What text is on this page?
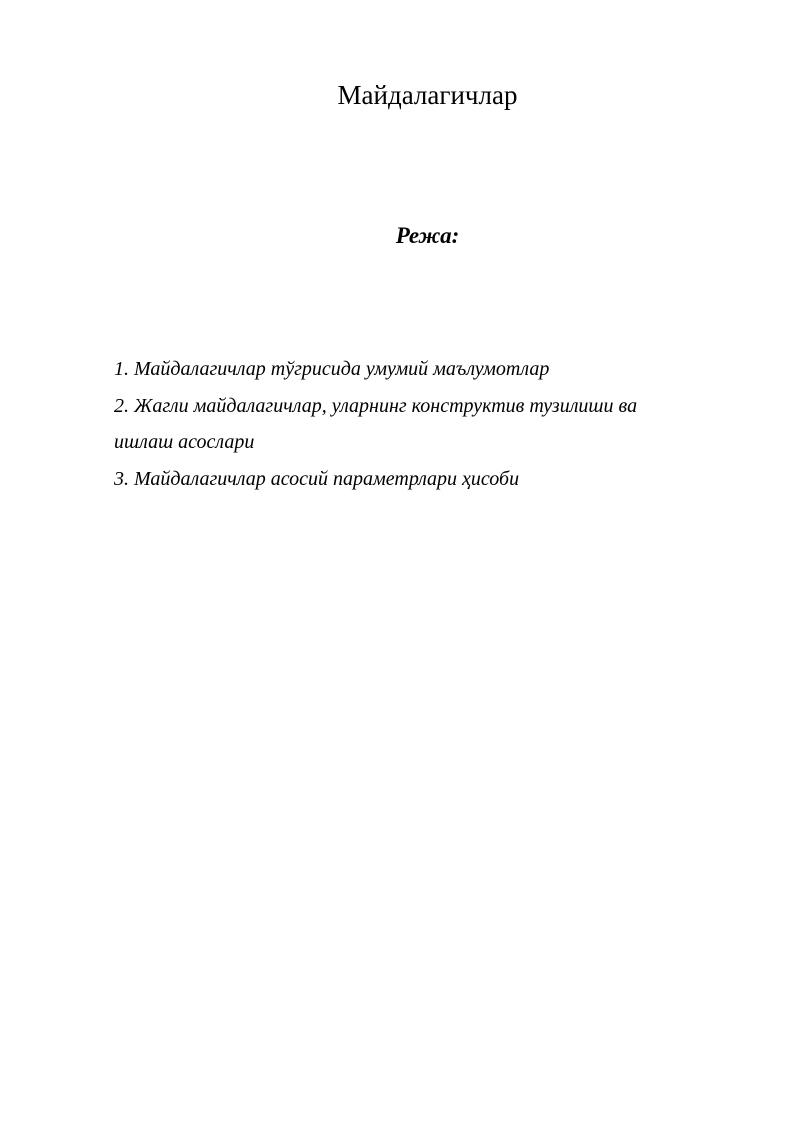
Майдалагичлар
Режа:
1. Майдалагичлар тўгрисида умумий маълумотлар
2. Жагли майдалагичлар, уларнинг конструктив тузилиши ва ишлаш асослари
3. Майдалагичлар асосий параметрлари ҳисоби
